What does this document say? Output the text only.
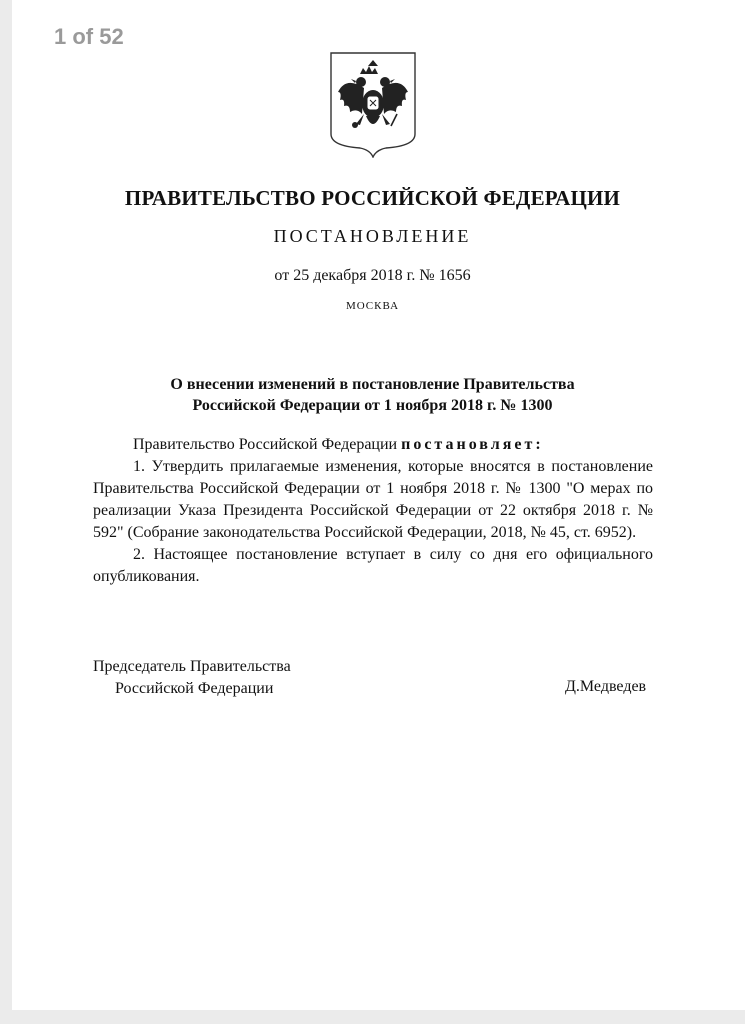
1 of 52
ПРАВИТЕЛЬСТВО РОССИЙСКОЙ ФЕДЕРАЦИИ
ПОСТАНОВЛЕНИЕ
от 25 декабря 2018 г. № 1656
МОСКВА
О внесении изменений в постановление Правительства
Российской Федерации от 1 ноября 2018 г. № 1300

Правительство Российской Федерации постановляет:

1. Утвердить прилагаемые изменения, которые вносятся в постановление Правительства Российской Федерации от 1 ноября 2018 г. № 1300 "О мерах по реализации Указа Президента Российской Федерации от 22 октября 2018 г. № 592" (Собрание законодательства Российской Федерации, 2018, № 45, ст. 6952).

2. Настоящее постановление вступает в силу со дня его официального опубликования.

Председатель Правительства
Российской Федерации	Д.Медведев
